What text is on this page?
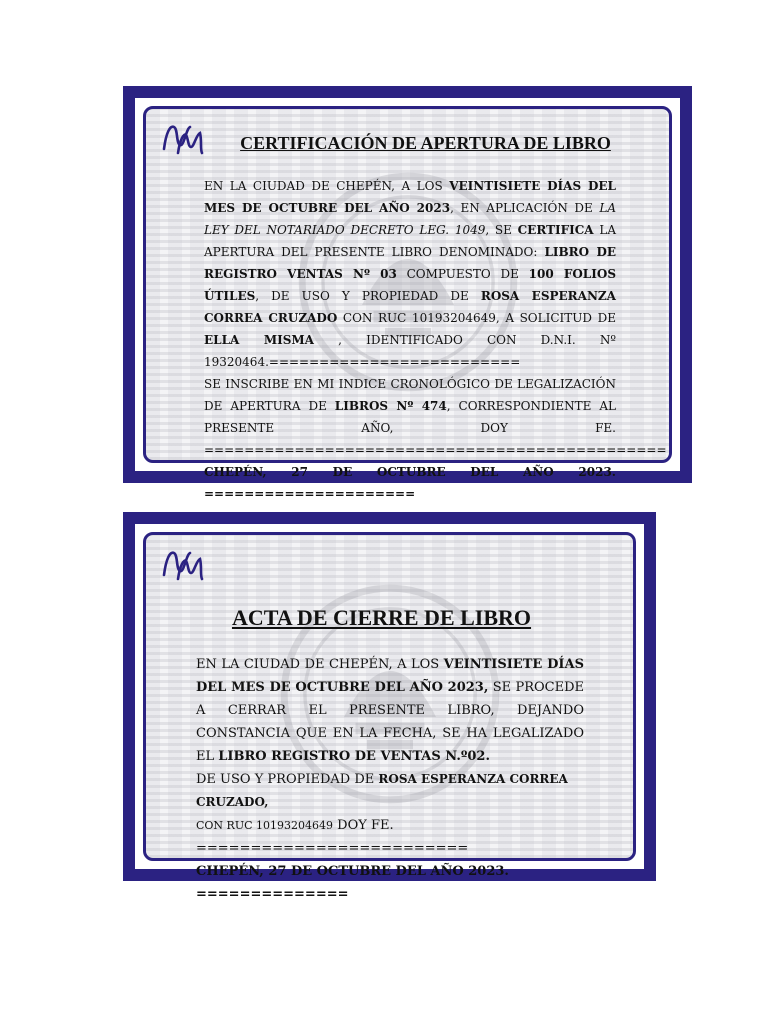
CERTIFICACIÓN DE APERTURA DE LIBRO

EN LA CIUDAD DE CHEPÉN, A LOS VEINTISIETE DÍAS DEL MES DE OCTUBRE DEL AÑO 2023, EN APLICACIÓN DE LA LEY DEL NOTARIADO DECRETO LEG. 1049, SE CERTIFICA LA APERTURA DEL PRESENTE LIBRO DENOMINADO: LIBRO DE REGISTRO VENTAS Nº 03 COMPUESTO DE 100 FOLIOS ÚTILES, DE USO Y PROPIEDAD DE ROSA ESPERANZA CORREA CRUZADO CON RUC 10193204649, A SOLICITUD DE ELLA MISMA , IDENTIFICADO CON D.N.I. Nº 19320464.=========================

SE INSCRIBE EN MI INDICE CRONOLÓGICO DE LEGALIZACIÓN DE APERTURA DE LIBROS Nº 474, CORRESPONDIENTE AL PRESENTE AÑO, DOY FE. ==============================================

CHEPÉN, 27 DE OCTUBRE DEL AÑO 2023. =====================

ACTA DE CIERRE DE LIBRO

EN LA CIUDAD DE CHEPÉN, A LOS VEINTISIETE DÍAS DEL MES DE OCTUBRE DEL AÑO 2023, SE PROCEDE A CERRAR EL PRESENTE LIBRO, DEJANDO CONSTANCIA QUE EN LA FECHA, SE HA LEGALIZADO EL LIBRO REGISTRO DE VENTAS N.º02.

DE USO Y PROPIEDAD DE ROSA ESPERANZA CORREA CRUZADO,

CON RUC 10193204649 DOY FE. =========================

CHEPÉN, 27 DE OCTUBRE DEL AÑO 2023. ==============
